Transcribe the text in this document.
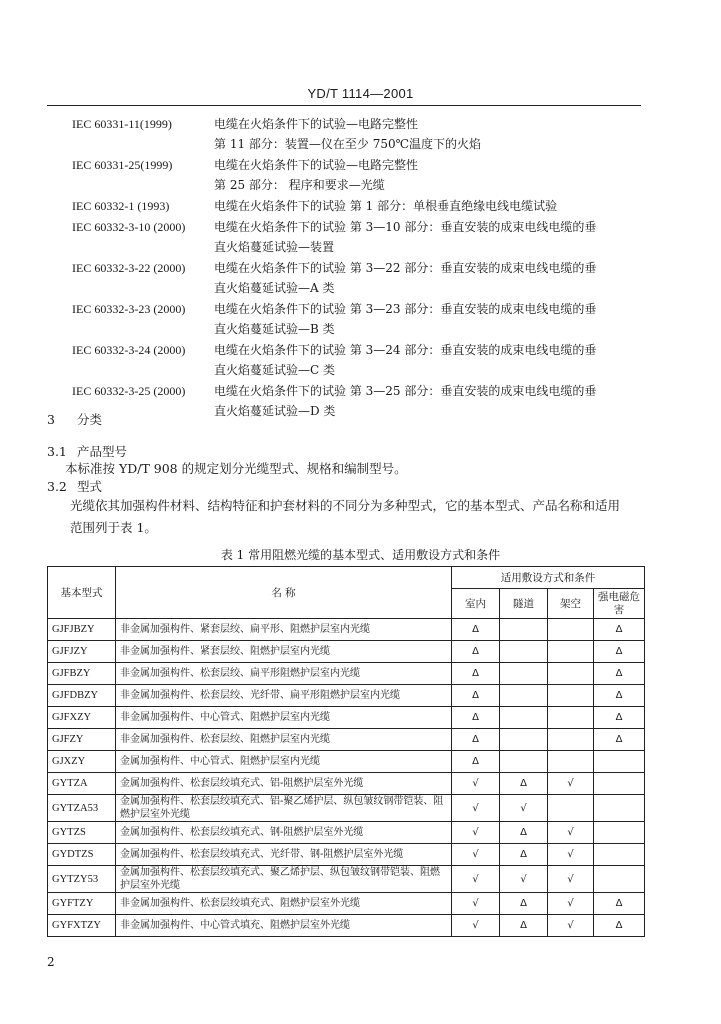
YD/T 1114—2001
IEC 60331-11(1999)	电缆在火焰条件下的试验—电路完整性
第 11 部分：装置—仪在至少 750℃温度下的火焰
IEC 60331-25(1999)	电缆在火焰条件下的试验—电路完整性
第 25 部分： 程序和要求—光缆
IEC 60332-1 (1993)	电缆在火焰条件下的试验 第 1 部分：单根垂直绝缘电线电缆试验
IEC 60332-3-10 (2000)	电缆在火焰条件下的试验 第 3—10 部分：垂直安装的成束电线电缆的垂
直火焰蔓延试验—装置
IEC 60332-3-22 (2000)	电缆在火焰条件下的试验 第 3—22 部分：垂直安装的成束电线电缆的垂
直火焰蔓延试验—A 类
IEC 60332-3-23 (2000)	电缆在火焰条件下的试验 第 3—23 部分：垂直安装的成束电线电缆的垂
直火焰蔓延试验—B 类
IEC 60332-3-24 (2000)	电缆在火焰条件下的试验 第 3—24 部分：垂直安装的成束电线电缆的垂
直火焰蔓延试验—C 类
IEC 60332-3-25 (2000)	电缆在火焰条件下的试验 第 3—25 部分：垂直安装的成束电线电缆的垂
直火焰蔓延试验—D 类
3 分类
3.1 产品型号
本标准按 YD/T 908 的规定划分光缆型式、规格和编制型号。
3.2 型式
光缆依其加强构件材料、结构特征和护套材料的不同分为多种型式，它的基本型式、产品名称和适用范围列于表 1。
表 1 常用阻燃光缆的基本型式、适用敷设方式和条件
基本型式	名 称	适用敷设方式和条件			
		室内	隧道	架空	强电磁危害
GJFJBZY	非金属加强构件、紧套层绞、扁平形、阻燃护层室内光缆	Δ			Δ
GJFJZY	非金属加强构件、紧套层绞、阻燃护层室内光缆	Δ			Δ
GJFBZY	非金属加强构件、松套层绞、扁平形阻燃护层室内光缆	Δ			Δ
GJFDBZY	非金属加强构件、松套层绞、光纤带、扁平形阻燃护层室内光缆	Δ			Δ
GJFXZY	非金属加强构件、中心管式、阻燃护层室内光缆	Δ			Δ
GJFZY	非金属加强构件、松套层绞、阻燃护层室内光缆	Δ			Δ
GJXZY	金属加强构件、中心管式、阻燃护层室内光缆	Δ			
GYTZA	金属加强构件、松套层绞填充式、铝-阻燃护层室外光缆	√	Δ	√	
GYTZA53	金属加强构件、松套层绞填充式、铝-聚乙烯护层、纵包皱纹钢带铠装、阻燃护层室外光缆	√	√		
GYTZS	金属加强构件、松套层绞填充式、钢-阻燃护层室外光缆	√	Δ	√	
GYDTZS	金属加强构件、松套层绞填充式、光纤带、钢-阻燃护层室外光缆	√	Δ	√	
GYTZY53	金属加强构件、松套层绞填充式、聚乙烯护层、纵包皱纹钢带铠装、阻燃护层室外光缆	√	√	√	
GYFTZY	非金属加强构件、松套层绞填充式、阻燃护层室外光缆	√	Δ	√	Δ
GYFXTZY	非金属加强构件、中心管式填充、阻燃护层室外光缆	√	Δ	√	Δ
2
